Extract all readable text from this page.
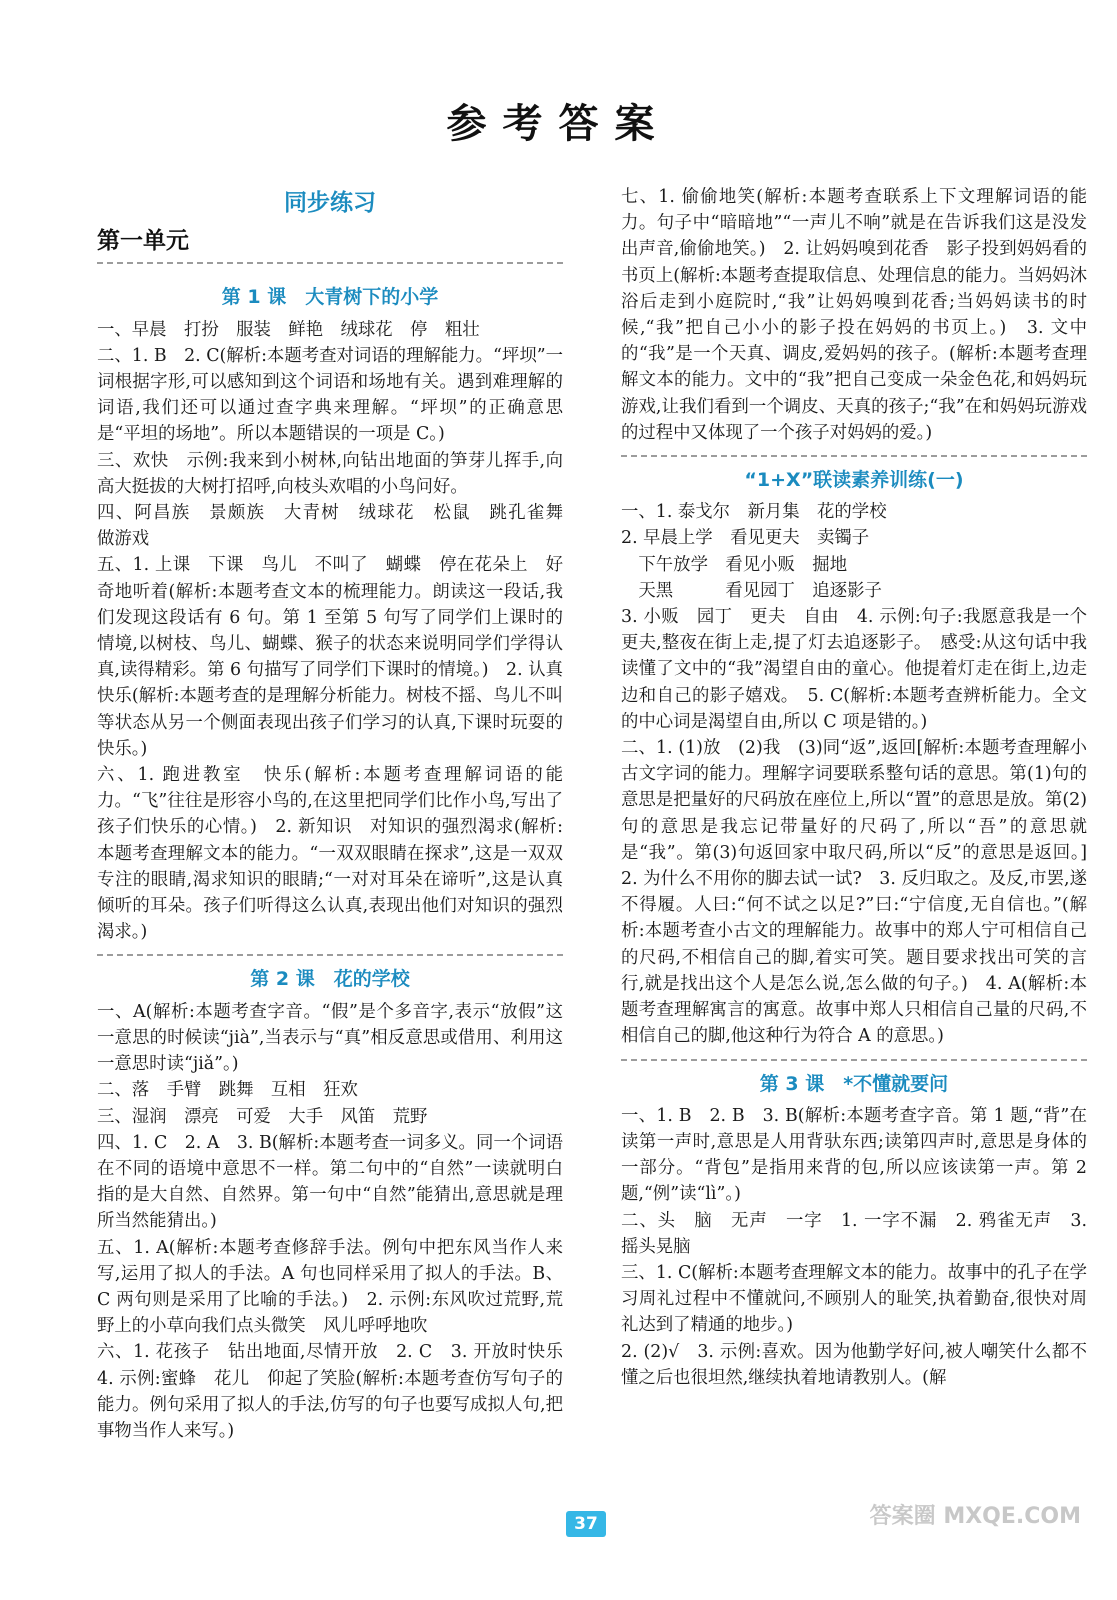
参考答案
同步练习
第一单元
第 1 课　大青树下的小学

一、早晨　打扮　服装　鲜艳　绒球花　停　粗壮

二、1. B　2. C(解析:本题考查对词语的理解能力。“坪坝”一词根据字形,可以感知到这个词语和场地有关。遇到难理解的词语,我们还可以通过查字典来理解。“坪坝”的正确意思是“平坦的场地”。所以本题错误的一项是 C。)

三、欢快　示例:我来到小树林,向钻出地面的笋芽儿挥手,向高大挺拔的大树打招呼,向枝头欢唱的小鸟问好。

四、阿昌族　景颇族　大青树　绒球花　松鼠　跳孔雀舞　做游戏

五、1. 上课　下课　鸟儿　不叫了　蝴蝶　停在花朵上　好奇地听着(解析:本题考查文本的梳理能力。朗读这一段话,我们发现这段话有 6 句。第 1 至第 5 句写了同学们上课时的情境,以树枝、鸟儿、蝴蝶、猴子的状态来说明同学们学得认真,读得精彩。第 6 句描写了同学们下课时的情境。)　2. 认真　快乐(解析:本题考查的是理解分析能力。树枝不摇、鸟儿不叫等状态从另一个侧面表现出孩子们学习的认真,下课时玩耍的快乐。)

六、1. 跑进教室　快乐(解析:本题考查理解词语的能力。“飞”往往是形容小鸟的,在这里把同学们比作小鸟,写出了孩子们快乐的心情。)　2. 新知识　对知识的强烈渴求(解析:本题考查理解文本的能力。“一双双眼睛在探求”,这是一双双专注的眼睛,渴求知识的眼睛;“一对对耳朵在谛听”,这是认真倾听的耳朵。孩子们听得这么认真,表现出他们对知识的强烈渴求。)

第 2 课　花的学校

一、A(解析:本题考查字音。“假”是个多音字,表示“放假”这一意思的时候读“jià”,当表示与“真”相反意思或借用、利用这一意思时读“jiǎ”。)

二、落　手臂　跳舞　互相　狂欢

三、湿润　漂亮　可爱　大手　风笛　荒野

四、1. C　2. A　3. B(解析:本题考查一词多义。同一个词语在不同的语境中意思不一样。第二句中的“自然”一读就明白指的是大自然、自然界。第一句中“自然”能猜出,意思就是理所当然能猜出。)

五、1. A(解析:本题考查修辞手法。例句中把东风当作人来写,运用了拟人的手法。A 句也同样采用了拟人的手法。B、C 两句则是采用了比喻的手法。)　2. 示例:东风吹过荒野,荒野上的小草向我们点头微笑　风儿呼呼地吹

六、1. 花孩子　钻出地面,尽情开放　2. C　3. 开放时快乐　4. 示例:蜜蜂　花儿　仰起了笑脸(解析:本题考查仿写句子的能力。例句采用了拟人的手法,仿写的句子也要写成拟人句,把事物当作人来写。)

七、1. 偷偷地笑(解析:本题考查联系上下文理解词语的能力。句子中“暗暗地”“一声儿不响”就是在告诉我们这是没发出声音,偷偷地笑。)　2. 让妈妈嗅到花香　影子投到妈妈看的书页上(解析:本题考查提取信息、处理信息的能力。当妈妈沐浴后走到小庭院时,“我”让妈妈嗅到花香;当妈妈读书的时候,“我”把自己小小的影子投在妈妈的书页上。)　3. 文中的“我”是一个天真、调皮,爱妈妈的孩子。(解析:本题考查理解文本的能力。文中的“我”把自己变成一朵金色花,和妈妈玩游戏,让我们看到一个调皮、天真的孩子;“我”在和妈妈玩游戏的过程中又体现了一个孩子对妈妈的爱。)

“1+X”联读素养训练(一)

一、1. 泰戈尔　新月集　花的学校

2. 早晨上学　看见更夫　卖镯子

　下午放学　看见小贩　掘地

　天黑　　　看见园丁　追逐影子

3. 小贩　园丁　更夫　自由　4. 示例:句子:我愿意我是一个更夫,整夜在街上走,提了灯去追逐影子。　感受:从这句话中我读懂了文中的“我”渴望自由的童心。他提着灯走在街上,边走边和自己的影子嬉戏。　5. C(解析:本题考查辨析能力。全文的中心词是渴望自由,所以 C 项是错的。)

二、1. (1)放　(2)我　(3)同“返”,返回[解析:本题考查理解小古文字词的能力。理解字词要联系整句话的意思。第(1)句的意思是把量好的尺码放在座位上,所以“置”的意思是放。第(2)句的意思是我忘记带量好的尺码了,所以“吾”的意思就是“我”。第(3)句返回家中取尺码,所以“反”的意思是返回。]　2. 为什么不用你的脚去试一试?　3. 反归取之。及反,市罢,遂不得履。人曰:“何不试之以足?”曰:“宁信度,无自信也。”(解析:本题考查小古文的理解能力。故事中的郑人宁可相信自己的尺码,不相信自己的脚,着实可笑。题目要求找出可笑的言行,就是找出这个人是怎么说,怎么做的句子。)　4. A(解析:本题考查理解寓言的寓意。故事中郑人只相信自己量的尺码,不相信自己的脚,他这种行为符合 A 的意思。)

第 3 课　*不懂就要问

一、1. B　2. B　3. B(解析:本题考查字音。第 1 题,“背”在读第一声时,意思是人用背驮东西;读第四声时,意思是身体的一部分。“背包”是指用来背的包,所以应该读第一声。第 2 题,“例”读“lì”。)

二、头　脑　无声　一字　1. 一字不漏　2. 鸦雀无声　3. 摇头晃脑

三、1. C(解析:本题考查理解文本的能力。故事中的孔子在学习周礼过程中不懂就问,不顾别人的耻笑,执着勤奋,很快对周礼达到了精通的地步。)

2. (2)√　3. 示例:喜欢。因为他勤学好问,被人嘲笑什么都不懂之后也很坦然,继续执着地请教别人。(解

37	答案圈 MXQE.COM
